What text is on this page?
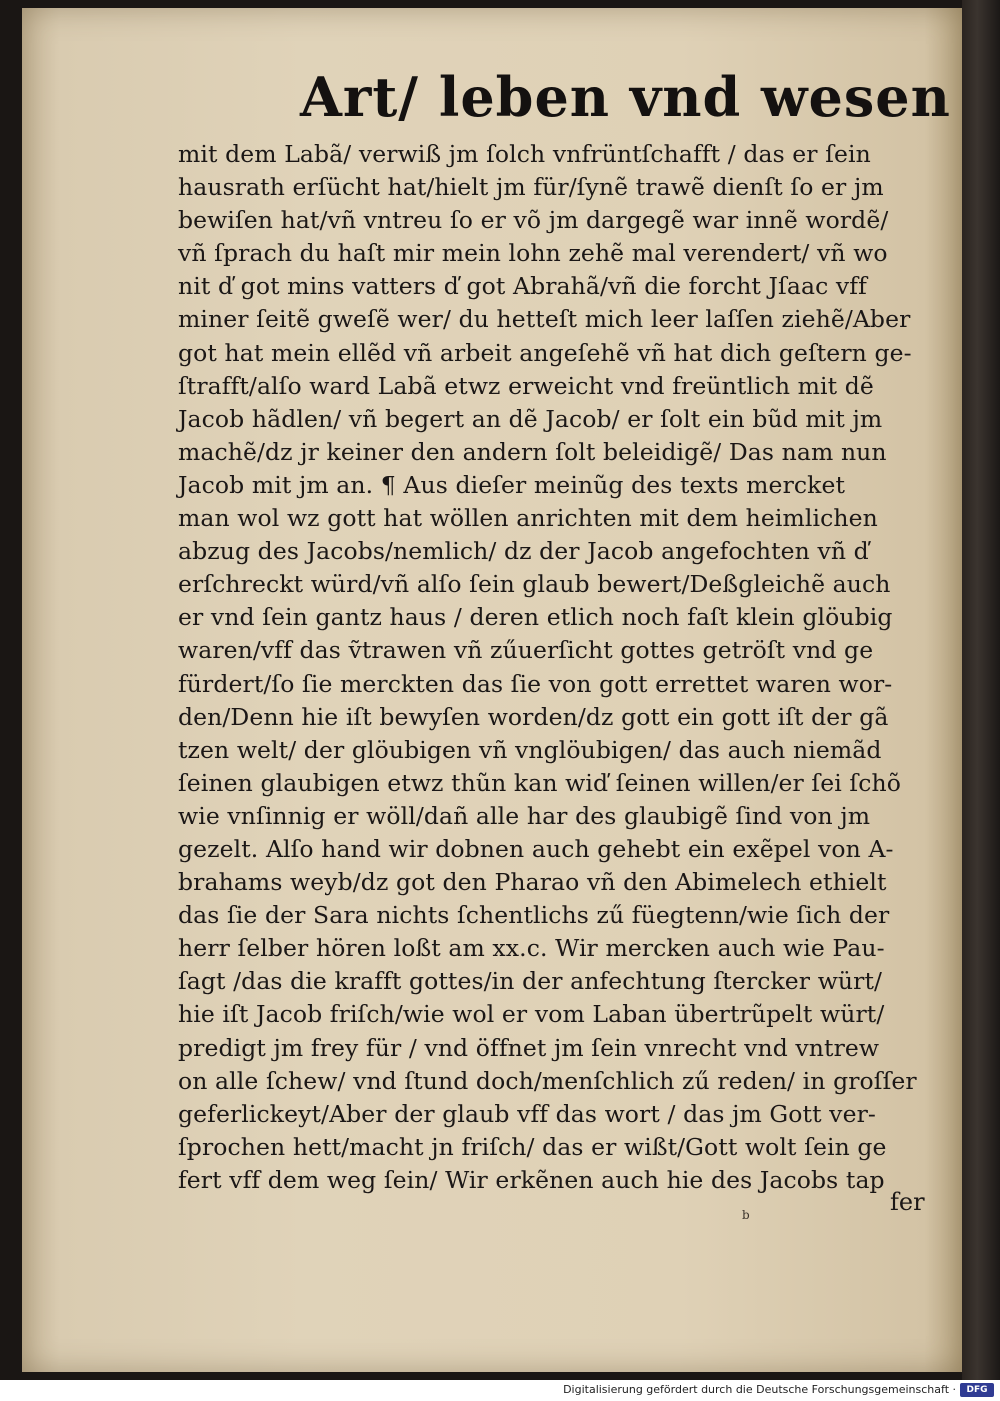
Art/ leben vnd wesen
mit dem Labã/ verwiß jm ſolch vnfrüntſchafft / das er ſein
hausrath erſücht hat/hielt jm für/ſynẽ trawẽ dienſt ſo er jm
bewiſen hat/vñ vntreu ſo er võ jm dargegẽ war innẽ wordẽ/
vñ ſprach du haſt mir mein lohn zehẽ mal verendert/ vñ wo
nit ď got mins vatters ď got Abrahã/vñ die forcht Jſaac vff
miner ſeitẽ gweſẽ wer/ du hetteſt mich leer laſſen ziehẽ/Aber
got hat mein ellẽd vñ arbeit angeſehẽ vñ hat dich geſtern ge-
ſtrafft/alſo ward Labã etwz erweicht vnd freüntlich mit dẽ
Jacob hãdlen/ vñ begert an dẽ Jacob/ er ſolt ein bũd mit jm
machẽ/dz jr keiner den andern ſolt beleidigẽ/ Das nam nun
Jacob mit jm an. ¶ Aus dieſer meinũg des texts mercket
man wol wz gott hat wöllen anrichten mit dem heimlichen
abzug des Jacobs/nemlich/ dz der Jacob angefochten vñ ď
erſchreckt würd/vñ alſo ſein glaub bewert/Deßgleichẽ auch
er vnd ſein gantz haus / deren etlich noch faſt klein glöubig
waren/vff das ṽtrawen vñ zűuerſicht gottes getröſt vnd ge
fürdert/ſo ſie merckten das ſie von gott errettet waren wor-
den/Denn hie iſt bewyſen worden/dz gott ein gott iſt der gã
tzen welt/ der glöubigen vñ vnglöubigen/ das auch niemãd
ſeinen glaubigen etwz thũn kan wiď ſeinen willen/er ſei ſchõ
wie vnſinnig er wöll/dañ alle har des glaubigẽ ſind von jm
gezelt. Alſo hand wir dobnen auch gehebt ein exẽpel von A-
brahams weyb/dz got den Pharao vñ den Abimelech ethielt
das ſie der Sara nichts ſchentlichs zű füegtenn/wie ſich der
herr ſelber hören loßt am xx.c. Wir mercken auch wie Pau-
ſagt /das die krafft gottes/in der anfechtung ſtercker würt/
hie iſt Jacob friſch/wie wol er vom Laban übertrũpelt würt/
predigt jm frey für / vnd öffnet jm ſein vnrecht vnd vntrew
on alle ſchew/ vnd ſtund doch/menſchlich zű reden/ in groſſer
geferlickeyt/Aber der glaub vff das wort / das jm Gott ver-
ſprochen hett/macht jn friſch/ das er wißt/Gott wolt ſein ge
fert vff dem weg ſein/ Wir erkẽnen auch hie des Jacobs tap
b	fer
Digitalisierung gefördert durch die Deutsche Forschungsgemeinschaft ·	DFG
